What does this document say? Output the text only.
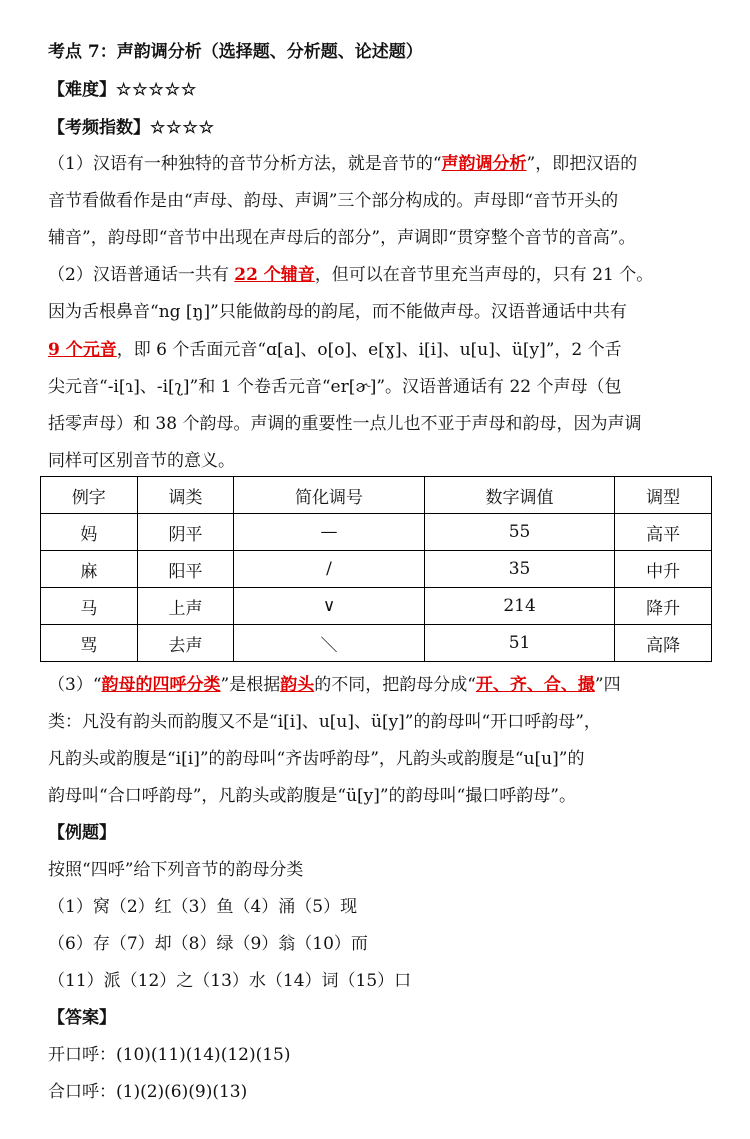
考点 7：声韵调分析（选择题、分析题、论述题）
【难度】☆☆☆☆☆
【考频指数】☆☆☆☆
（1）汉语有一种独特的音节分析方法，就是音节的“声韵调分析”，即把汉语的
音节看做看作是由“声母、韵母、声调”三个部分构成的。声母即“音节开头的
辅音”，韵母即“音节中出现在声母后的部分”，声调即“贯穿整个音节的音高”。
（2）汉语普通话一共有 22 个辅音，但可以在音节里充当声母的，只有 21 个。
因为舌根鼻音“ng [ŋ]”只能做韵母的韵尾，而不能做声母。汉语普通话中共有
9 个元音，即 6 个舌面元音“ɑ[a]、o[o]、e[ɣ]、i[i]、u[u]、ü[y]”，2 个舌
尖元音“-i[ɿ]、-i[ʅ]”和 1 个卷舌元音“er[ɚ]”。汉语普通话有 22 个声母（包
括零声母）和 38 个韵母。声调的重要性一点儿也不亚于声母和韵母，因为声调
同样可区别音节的意义。
例字	调类	简化调号	数字调值	调型
妈	阴平	—	55	高平
麻	阳平	/	35	中升
马	上声	∨	214	降升
骂	去声	＼	51	高降
（3）“韵母的四呼分类”是根据韵头的不同，把韵母分成“开、齐、合、撮”四
类：凡没有韵头而韵腹又不是“i[i]、u[u]、ü[y]”的韵母叫“开口呼韵母”，
凡韵头或韵腹是“i[i]”的韵母叫“齐齿呼韵母”，凡韵头或韵腹是“u[u]”的
韵母叫“合口呼韵母”，凡韵头或韵腹是“ü[y]”的韵母叫“撮口呼韵母”。
【例题】
按照“四呼”给下列音节的韵母分类
（1）窝（2）红（3）鱼（4）涌（5）现
（6）存（7）却（8）绿（9）翁（10）而
（11）派（12）之（13）水（14）词（15）口
【答案】
开口呼：(10)(11)(14)(12)(15)
合口呼：(1)(2)(6)(9)(13)
